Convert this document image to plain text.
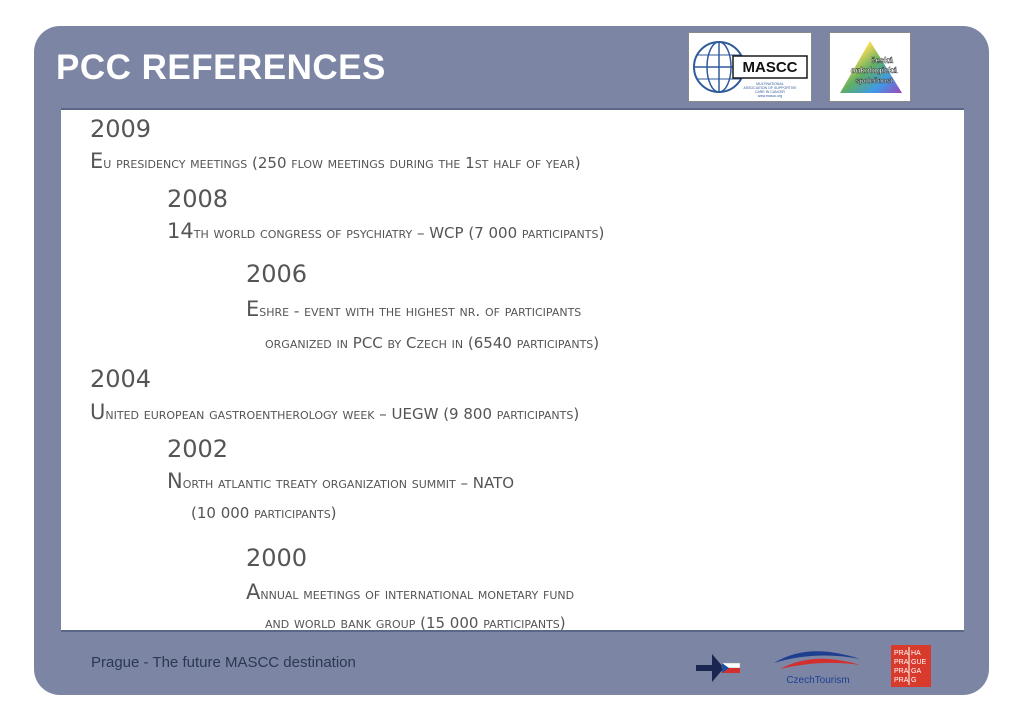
PCC REFERENCES	MASCC
MULTINATIONAL
ASSOCIATION OF SUPPORTIVE
CARE IN CANCER
www.mascc.org
česká
onkologická
společnost
2009
Eu presidency meetings (250 flow meetings during the 1st half of year)
2008
14th world congress of psychiatry – WCP (7 000 participants)
2006
Eshre - event with the highest nr. of participants
organized in PCC by Czech in (6540 participants)
2004
United european gastroentherology week – UEGW (9 800 participants)
2002
North atlantic treaty organization summit – NATO
(10 000 participants)
2000
Annual meetings of international monetary fund
and world bank group (15 000 participants)
Prague - The future MASCC destination
CzechTourism
PRA HA
PRA GUE
PRA GA
PRA G
